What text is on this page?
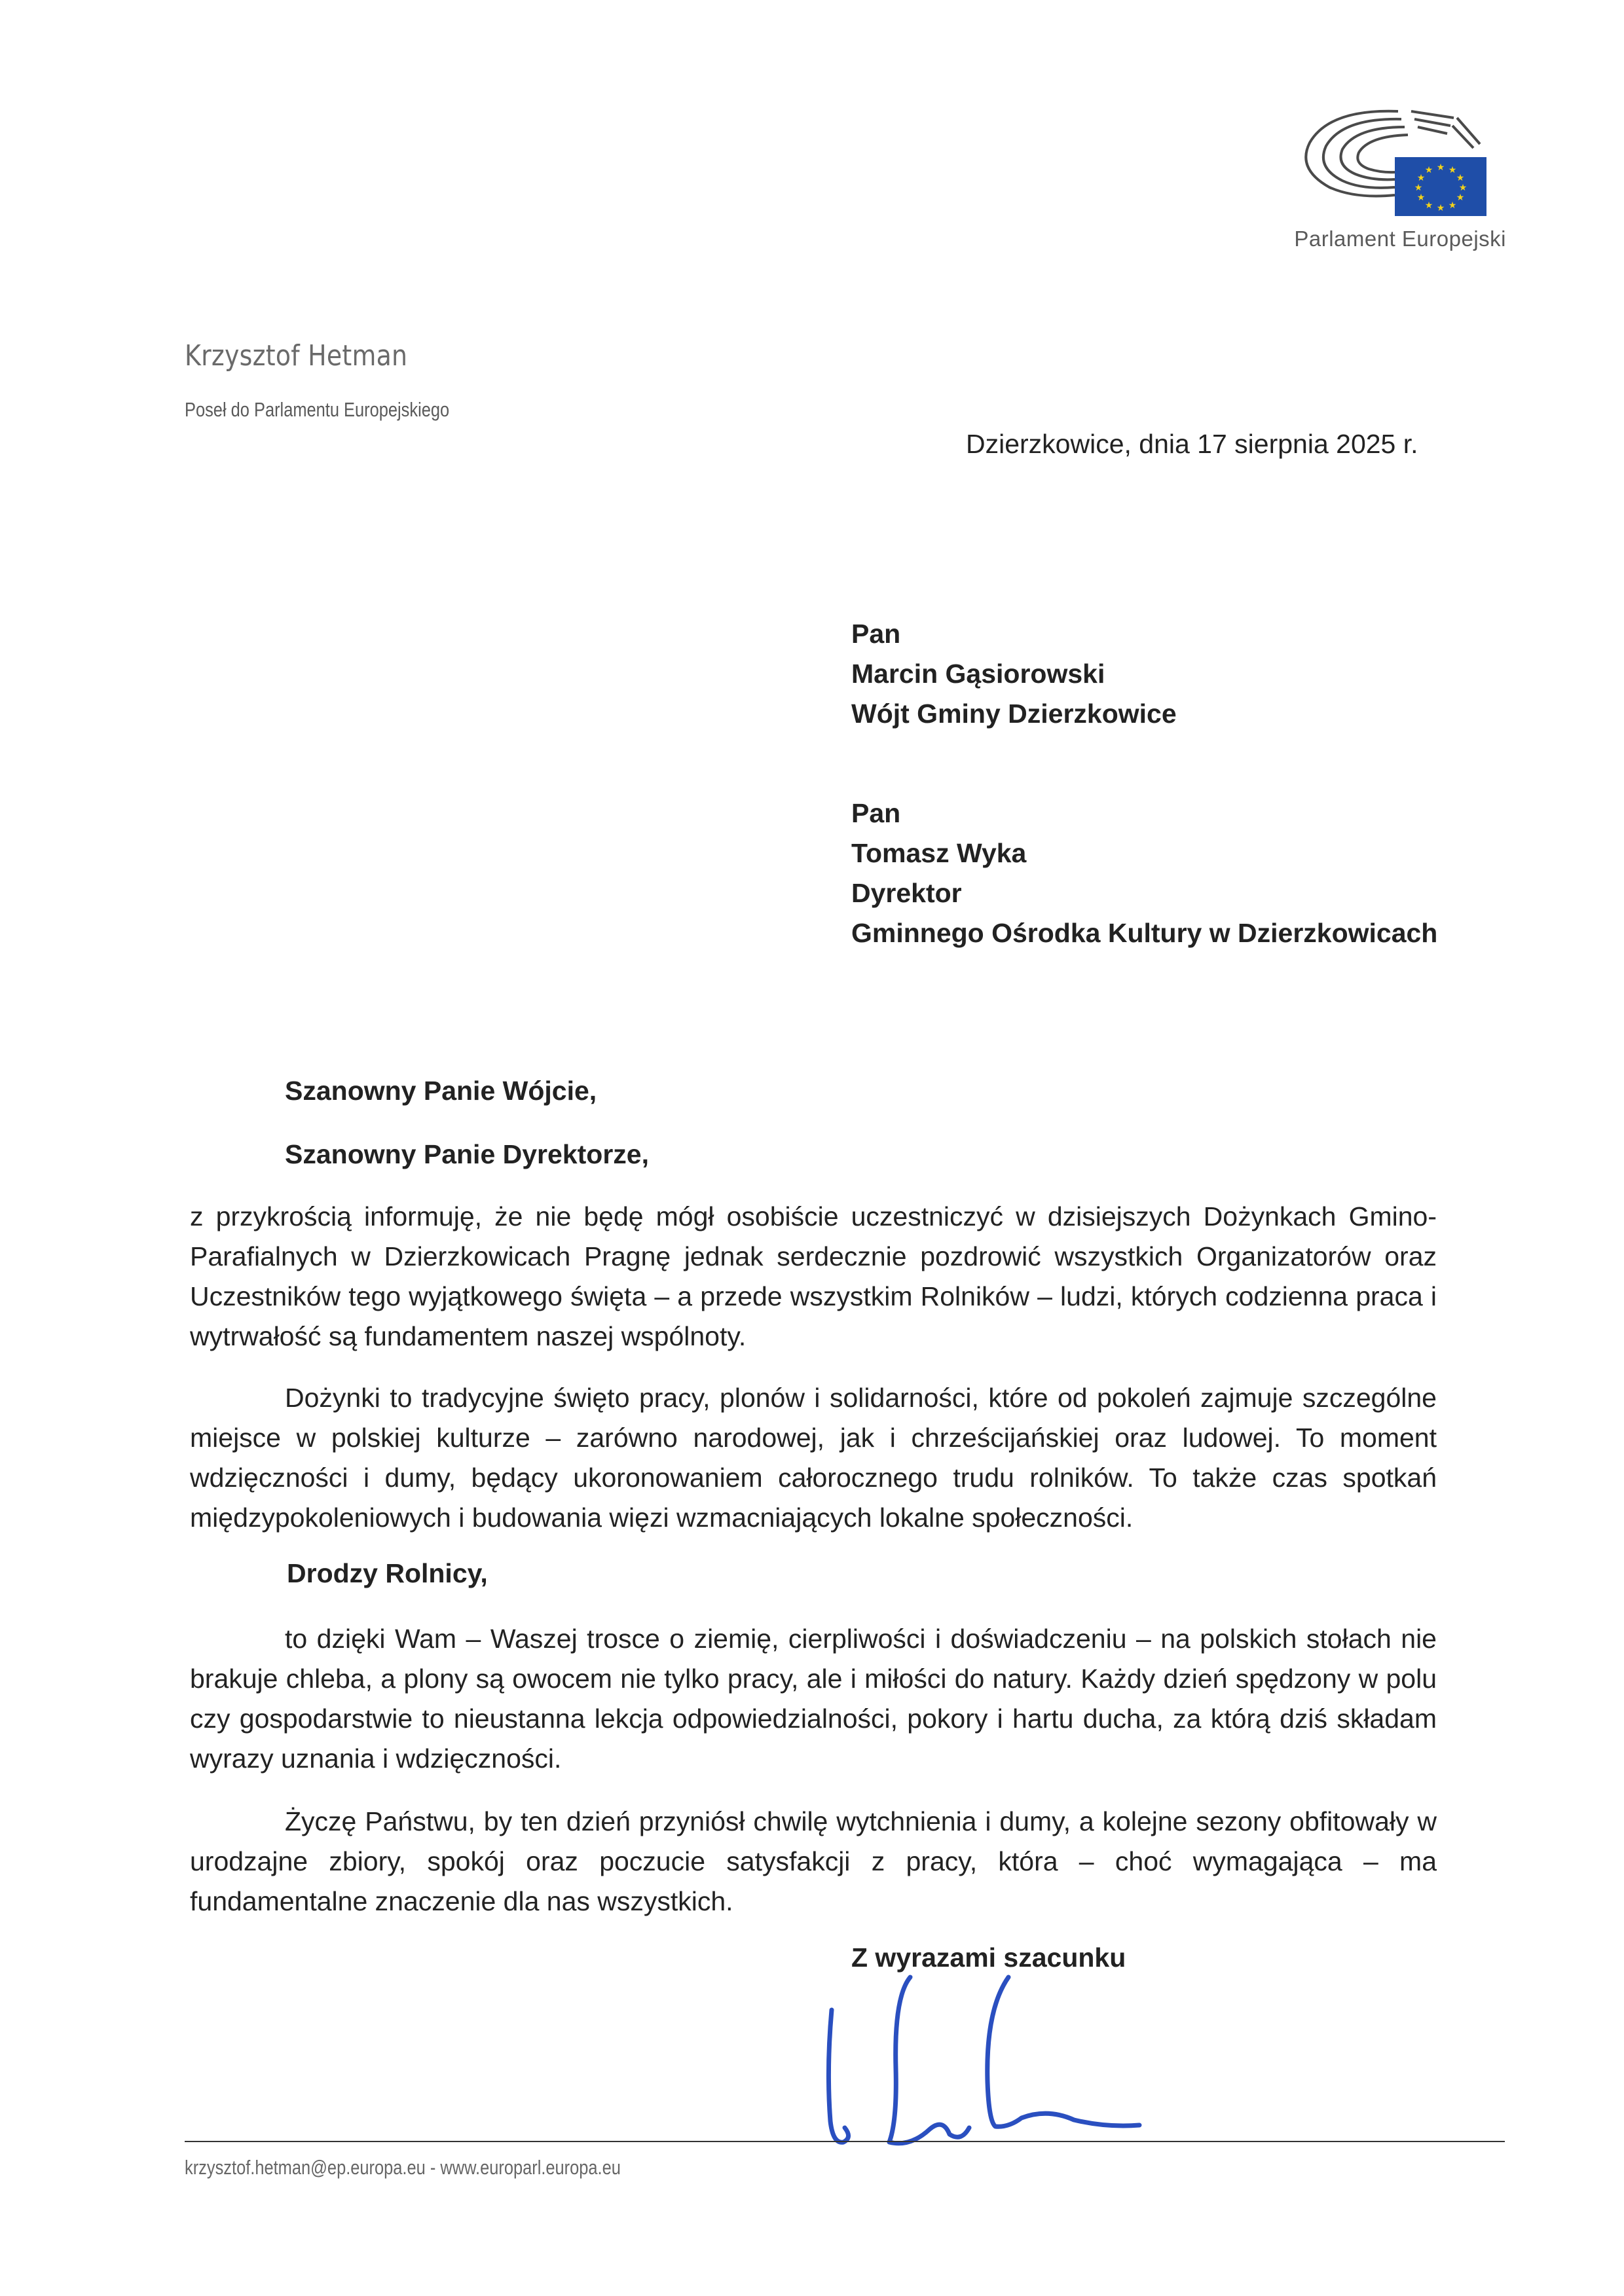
★ ★
★
★
★
★
★
★
★
★
★
★
Parlament Europejski
Krzysztof Hetman
Poseł do Parlamentu Europejskiego
Dzierzkowice, dnia 17 sierpnia 2025 r.
Pan
Marcin Gąsiorowski
Wójt Gminy Dzierzkowice
Pan
Tomasz Wyka
Dyrektor
Gminnego Ośrodka Kultury w Dzierzkowicach
Szanowny Panie Wójcie,
Szanowny Panie Dyrektorze,

z przykrością informuję, że nie będę mógł osobiście uczestniczyć w dzisiejszych Dożynkach Gmino-Parafialnych w Dzierzkowicach Pragnę jednak serdecznie pozdrowić wszystkich Organizatorów oraz Uczestników tego wyjątkowego święta – a przede wszystkim Rolników – ludzi, których codzienna praca i wytrwałość są fundamentem naszej wspólnoty.

Dożynki to tradycyjne święto pracy, plonów i solidarności, które od pokoleń zajmuje szczególne miejsce w polskiej kulturze – zarówno narodowej, jak i chrześcijańskiej oraz ludowej. To moment wdzięczności i dumy, będący ukoronowaniem całorocznego trudu rolników. To także czas spotkań międzypokoleniowych i budowania więzi wzmacniających lokalne społeczności.

Drodzy Rolnicy,

to dzięki Wam – Waszej trosce o ziemię, cierpliwości i doświadczeniu – na polskich stołach nie brakuje chleba, a plony są owocem nie tylko pracy, ale i miłości do natury. Każdy dzień spędzony w polu czy gospodarstwie to nieustanna lekcja odpowiedzialności, pokory i hartu ducha, za którą dziś składam wyrazy uznania i wdzięczności.

Życzę Państwu, by ten dzień przyniósł chwilę wytchnienia i dumy, a kolejne sezony obfitowały w urodzajne zbiory, spokój oraz poczucie satysfakcji z pracy, która – choć wymagająca – ma fundamentalne znaczenie dla nas wszystkich.

Z wyrazami szacunku
krzysztof.hetman@ep.europa.eu - www.europarl.europa.eu
